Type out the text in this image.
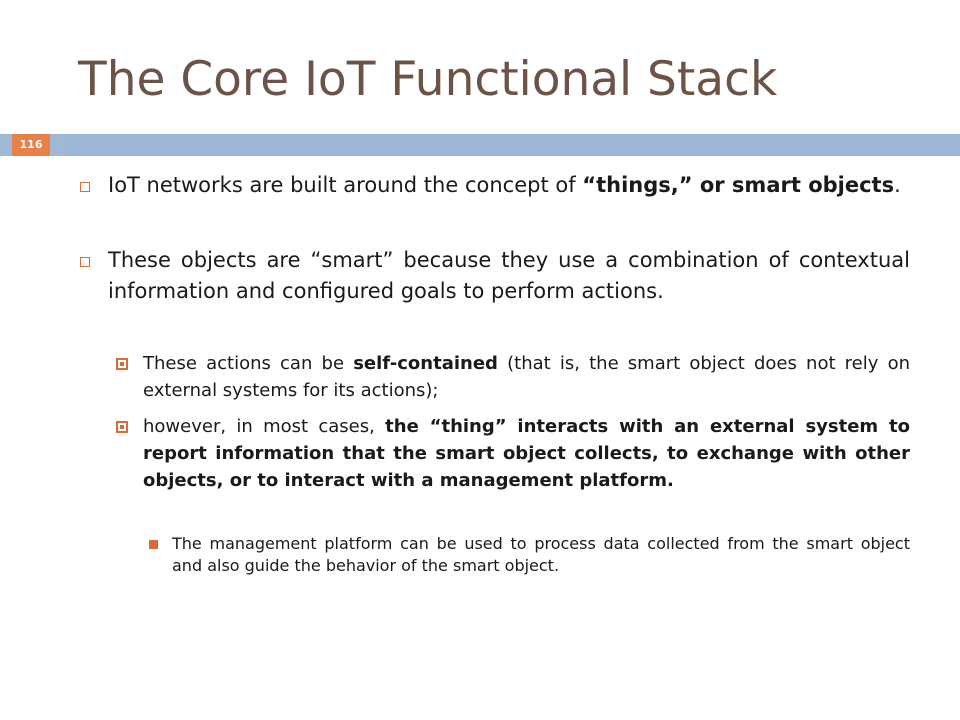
The Core IoT Functional Stack
116
IoT networks are built around the concept of “things,” or smart objects.
These objects are “smart” because they use a combination of contextual information and configured goals to perform actions.
These actions can be self-contained (that is, the smart object does not rely on external systems for its actions);
however, in most cases, the “thing” interacts with an external system to report information that the smart object collects, to exchange with other objects, or to interact with a management platform.
The management platform can be used to process data collected from the smart object and also guide the behavior of the smart object.
